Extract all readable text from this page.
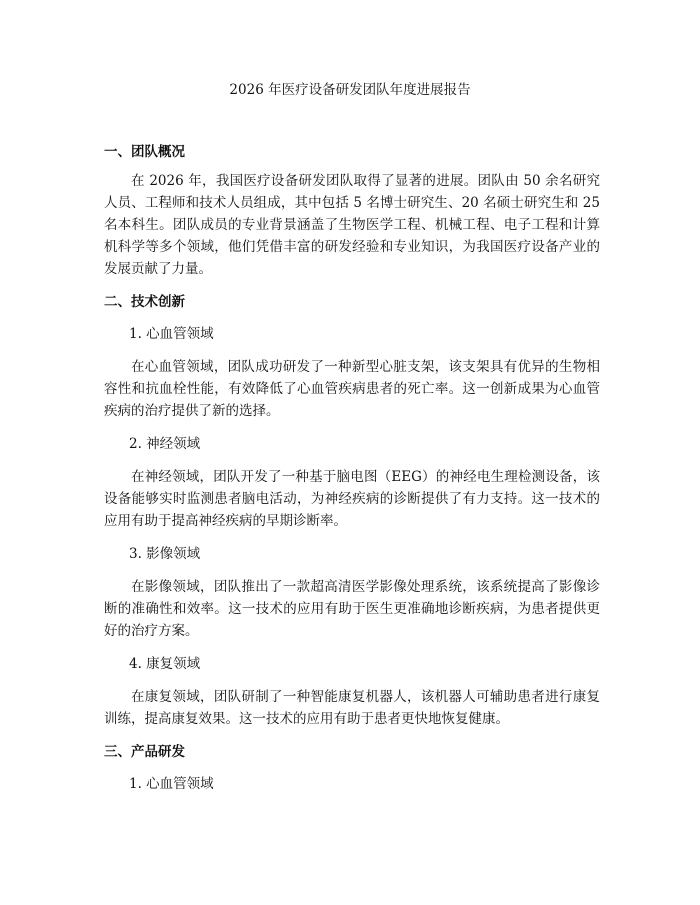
2026 年医疗设备研发团队年度进展报告
一、团队概况

在 2026 年，我国医疗设备研发团队取得了显著的进展。团队由 50 余名研究人员、工程师和技术人员组成，其中包括 5 名博士研究生、20 名硕士研究生和 25 名本科生。团队成员的专业背景涵盖了生物医学工程、机械工程、电子工程和计算机科学等多个领域，他们凭借丰富的研发经验和专业知识，为我国医疗设备产业的发展贡献了力量。

二、技术创新
1. 心血管领域

在心血管领域，团队成功研发了一种新型心脏支架，该支架具有优异的生物相容性和抗血栓性能，有效降低了心血管疾病患者的死亡率。这一创新成果为心血管疾病的治疗提供了新的选择。

2. 神经领域

在神经领域，团队开发了一种基于脑电图（EEG）的神经电生理检测设备，该设备能够实时监测患者脑电活动，为神经疾病的诊断提供了有力支持。这一技术的应用有助于提高神经疾病的早期诊断率。

3. 影像领域

在影像领域，团队推出了一款超高清医学影像处理系统，该系统提高了影像诊断的准确性和效率。这一技术的应用有助于医生更准确地诊断疾病，为患者提供更好的治疗方案。

4. 康复领域

在康复领域，团队研制了一种智能康复机器人，该机器人可辅助患者进行康复训练，提高康复效果。这一技术的应用有助于患者更快地恢复健康。

三、产品研发
1. 心血管领域
